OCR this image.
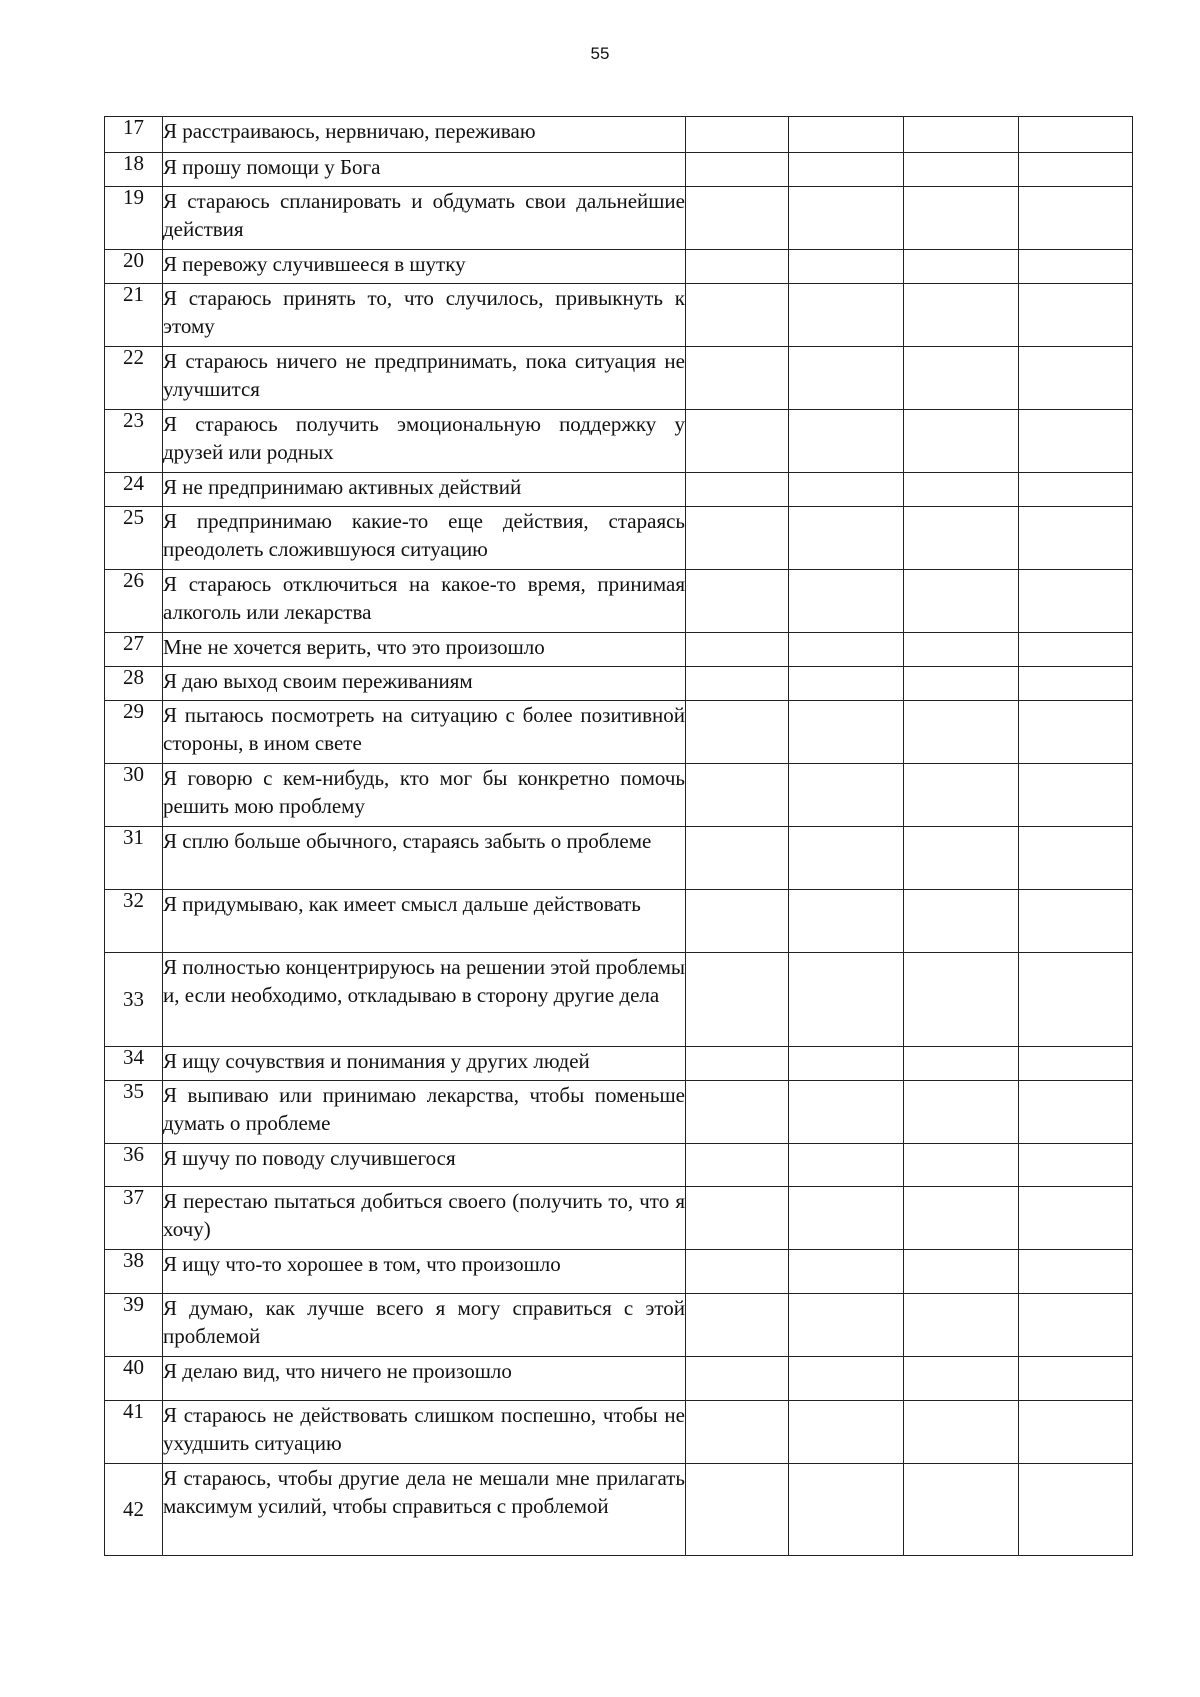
55
17	Я расстраиваюсь, нервничаю, переживаю				
18	Я прошу помощи у Бога				
19	Я стараюсь спланировать и обдумать свои дальнейшие действия				
20	Я перевожу случившееся в шутку				
21	Я стараюсь принять то, что случилось, привыкнуть к этому				
22	Я стараюсь ничего не предпринимать, пока ситуация не улучшится				
23	Я стараюсь получить эмоциональную поддержку у друзей или родных				
24	Я не предпринимаю активных действий				
25	Я предпринимаю какие-то еще действия, стараясь преодолеть сложившуюся ситуацию				
26	Я стараюсь отключиться на какое-то время, принимая алкоголь или лекарства				
27	Мне не хочется верить, что это произошло				
28	Я даю выход своим переживаниям				
29	Я пытаюсь посмотреть на ситуацию с более позитивной стороны, в ином свете				
30	Я говорю с кем-нибудь, кто мог бы конкретно помочь решить мою проблему				
31	Я сплю больше обычного, стараясь забыть о проблеме				
32	Я придумываю, как имеет смысл дальше действовать				
33	Я полностью концентрируюсь на решении этой проблемы и, если необходимо, откладываю в сторону другие дела				
34	Я ищу сочувствия и понимания у других людей				
35	Я выпиваю или принимаю лекарства, чтобы поменьше думать о проблеме				
36	Я шучу по поводу случившегося				
37	Я перестаю пытаться добиться своего (получить то, что я хочу)				
38	Я ищу что-то хорошее в том, что произошло				
39	Я думаю, как лучше всего я могу справиться с этой проблемой				
40	Я делаю вид, что ничего не произошло				
41	Я стараюсь не действовать слишком поспешно, чтобы не ухудшить ситуацию				
42	Я стараюсь, чтобы другие дела не мешали мне прилагать максимум усилий, чтобы справиться с проблемой				
